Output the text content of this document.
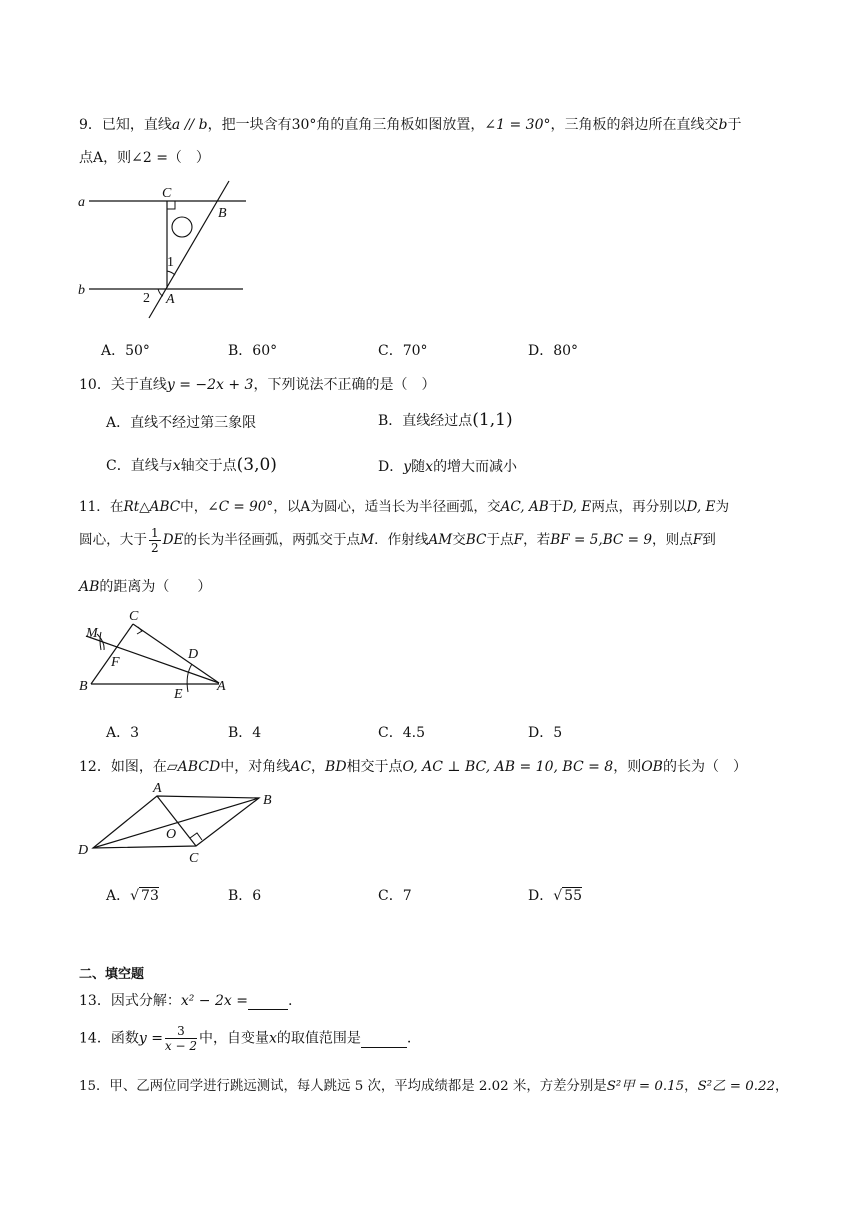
9．已知，直线a // b，把一块含有30°角的直角三角板如图放置，∠1 = 30°，三角板的斜边所在直线交b于
点A，则∠2 =（　）
a
b
C
B
A
1
2
A．50°	B．60°	C．70°	D．80°
10．关于直线y = −2x + 3，下列说法不正确的是（　）
A．直线不经过第三象限	B．直线经过点(1,1)
C．直线与x轴交于点(3,0)	D．y随x的增大而减小
11．在Rt△ABC中，∠C = 90°，以A为圆心，适当长为半径画弧，交AC, AB于D, E两点，再分别以D, E为
圆心，大于 $\frac{1}{2}$ DE的长为半径画弧，两弧交于点M．作射线AM交BC于点F，若BF = 5,BC = 9，则点F到
AB的距离为（　　）
C
M
F
D
B
E
A
A．3	B．4	C．4.5	D．5
12．如图，在▱ABCD中，对角线AC，BD相交于点O, AC ⊥ BC, AB = 10, BC = 8，则OB的长为（　）
A
B
O
D
C
A．√ 73	B．6	C．7	D．√ 55
二、填空题
13．因式分解：x² − 2x =	.
14．函数$y = \frac{3}{x - 2}$ 中，自变量x的取值范围是	.
15．甲、乙两位同学进行跳远测试，每人跳远 5 次，平均成绩都是 2.02 米，方差分别是S²甲 = 0.15，S²乙 = 0.22，
